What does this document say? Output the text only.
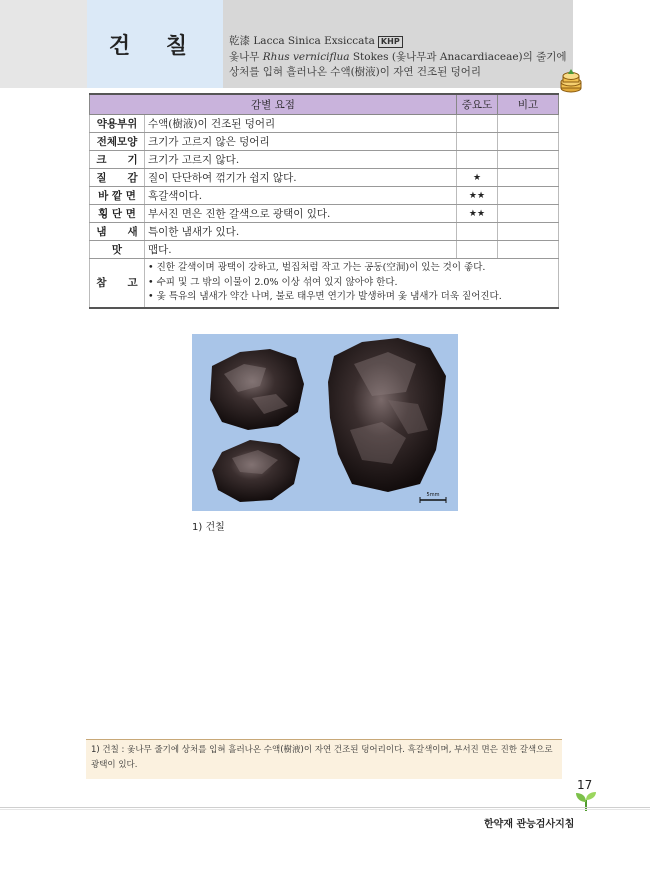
건 칠	乾漆 Lacca Sinica Exsiccata KHP
옻나무 Rhus verniciflua Stokes (옻나무과 Anacardiaceae)의 줄기에 상처를 입혀 흘러나온 수액(樹液)이 자연 건조된 덩어리
감별 요점		중요도	비고
약용부위	수액(樹液)이 건조된 덩어리		
전체모양	크기가 고르지 않은 덩어리		
크　　기	크기가 고르지 않다.		
질　　감	질이 단단하여 꺾기가 쉽지 않다.	★	
바 깥 면	흑갈색이다.	★★	
횡 단 면	부서진 면은 진한 갈색으로 광택이 있다.	★★	
냄　　새	특이한 냄새가 있다.		
맛	맵다.		
참　　고	• 진한 갈색이며 광택이 강하고, 벌집처럼 작고 가는 공동(空洞)이 있는 것이 좋다.
• 수피 및 그 밖의 이물이 2.0% 이상 섞여 있지 않아야 한다.
• 옻 특유의 냄새가 약간 나며, 불로 태우면 연기가 발생하며 옻 냄새가 더욱 짙어진다.		
5mm
1) 건칠
1) 건칠 : 옻나무 줄기에 상처를 입혀 흘러나온 수액(樹液)이 자연 건조된 덩어리이다. 흑갈색이며, 부서진 면은 진한 갈색으로 광택이 있다.
17
한약재 관능검사지침
